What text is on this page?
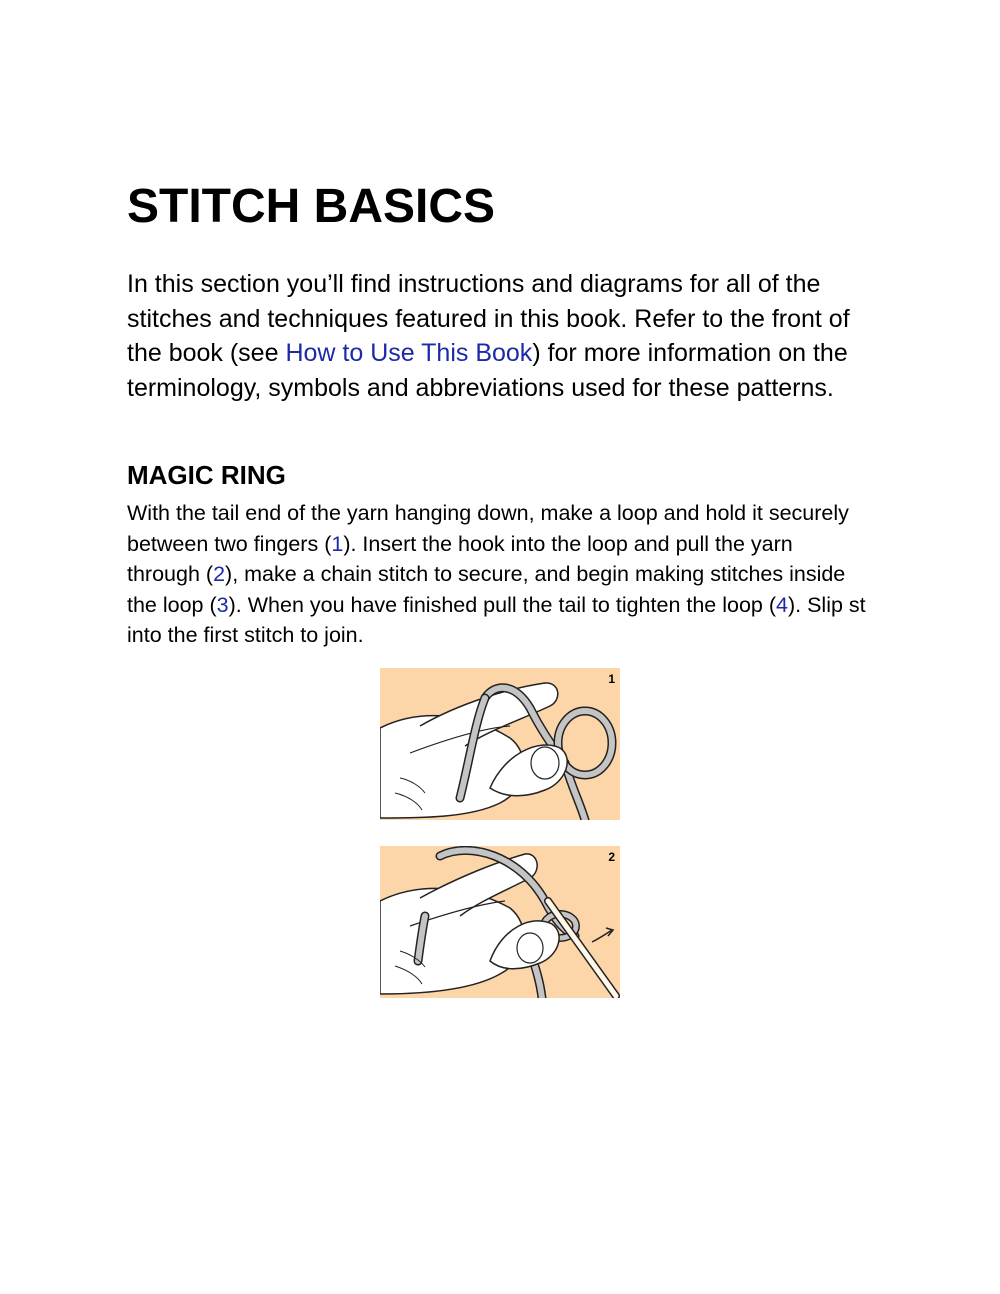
STITCH BASICS

In this section you’ll find instructions and diagrams for all of the stitches and techniques featured in this book. Refer to the front of the book (see How to Use This Book) for more information on the terminology, symbols and abbreviations used for these patterns.

MAGIC RING

With the tail end of the yarn hanging down, make a loop and hold it securely between two fingers (1). Insert the hook into the loop and pull the yarn through (2), make a chain stitch to secure, and begin making stitches inside the loop (3). When you have finished pull the tail to tighten the loop (4). Slip st into the first stitch to join.

1
2
